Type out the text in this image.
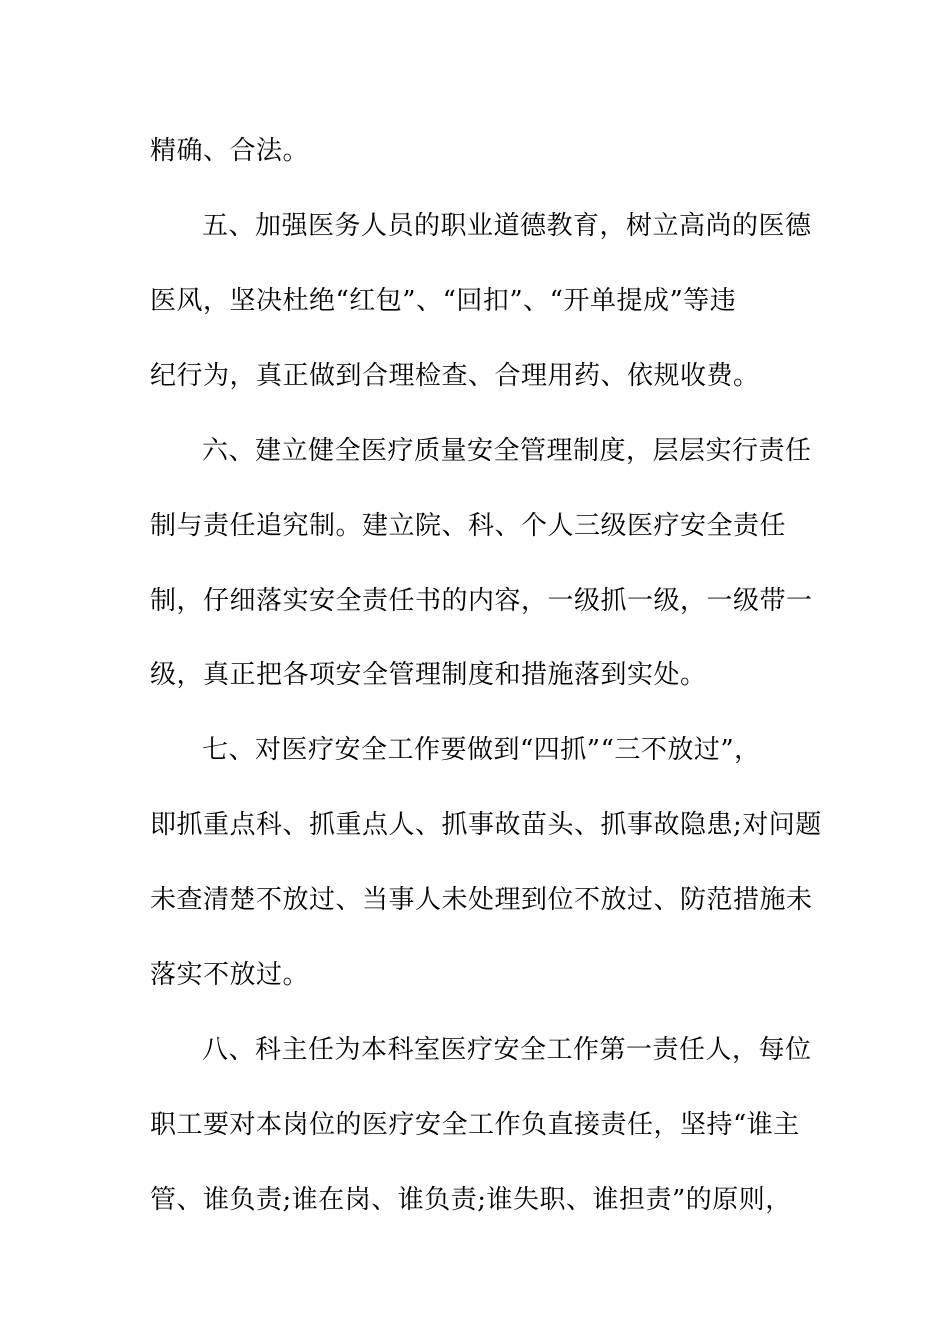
精确、合法。
五、加强医务人员的职业道德教育，树立高尚的医德
医风，坚决杜绝“红包”、“回扣”、“开单提成”等违
纪行为，真正做到合理检查、合理用药、依规收费。
六、建立健全医疗质量安全管理制度，层层实行责任
制与责任追究制。建立院、科、个人三级医疗安全责任
制，仔细落实安全责任书的内容，一级抓一级，一级带一
级，真正把各项安全管理制度和措施落到实处。
七、对医疗安全工作要做到“四抓”“三不放过”，
即抓重点科、抓重点人、抓事故苗头、抓事故隐患;对问题
未查清楚不放过、当事人未处理到位不放过、防范措施未
落实不放过。
八、科主任为本科室医疗安全工作第一责任人，每位
职工要对本岗位的医疗安全工作负直接责任，坚持“谁主
管、谁负责;谁在岗、谁负责;谁失职、谁担责”的原则，
